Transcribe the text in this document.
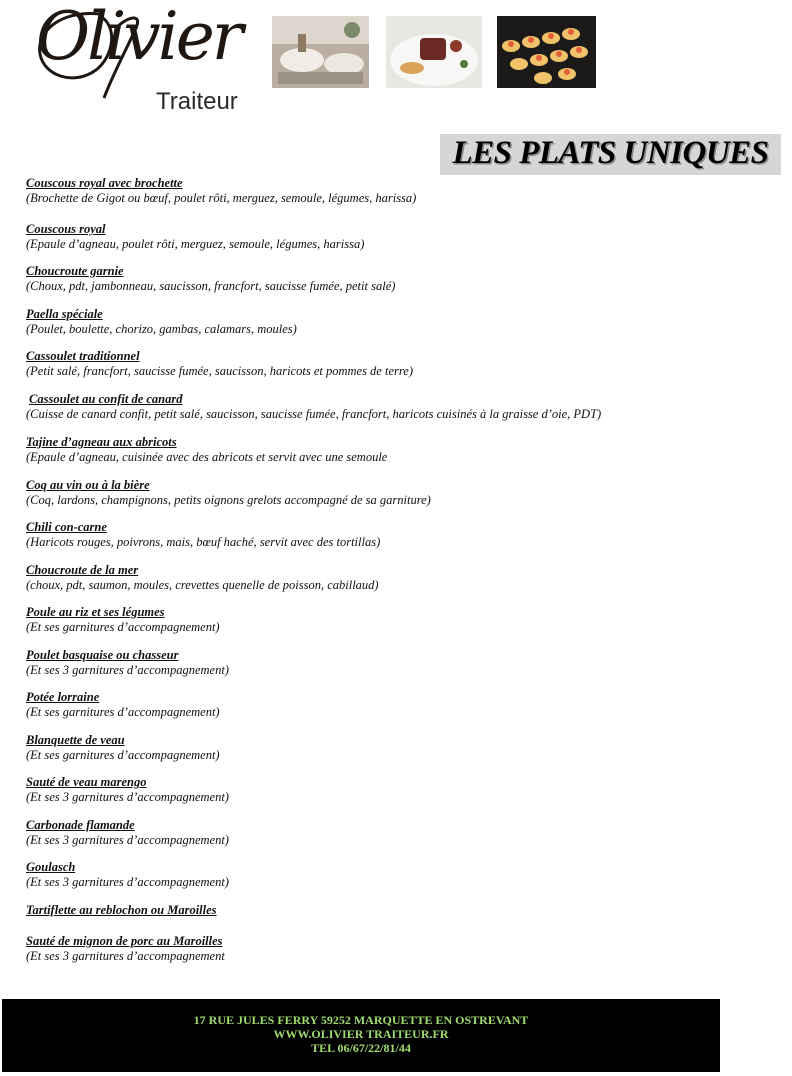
Olivier
Traiteur
LES PLATS UNIQUES
Couscous royal avec brochette
(Brochette de Gigot ou bœuf, poulet rôti, merguez, semoule, légumes, harissa)
Couscous royal
(Epaule d’agneau, poulet rôti, merguez, semoule, légumes, harissa)
Choucroute garnie
(Choux, pdt, jambonneau, saucisson, francfort, saucisse fumée, petit salé)
Paella spéciale
(Poulet, boulette, chorizo, gambas, calamars, moules)
Cassoulet traditionnel
(Petit salé, francfort, saucisse fumée, saucisson, haricots et pommes de terre)
Cassoulet au confit de canard
(Cuisse de canard confit, petit salé, saucisson, saucisse fumée, francfort, haricots cuisinés à la graisse d’oie, PDT)
Tajine d’agneau aux abricots
(Epaule d’agneau, cuisinée avec des abricots et servit avec une semoule
Coq au vin ou à la bière
(Coq, lardons, champignons, petits oignons grelots accompagné de sa garniture)
Chili con-carne
(Haricots rouges, poivrons, mais, bœuf haché, servit avec des tortillas)
Choucroute de la mer
(choux, pdt, saumon, moules, crevettes quenelle de poisson, cabillaud)
Poule au riz et ses légumes
(Et ses garnitures d’accompagnement)
Poulet basquaise ou chasseur
(Et ses 3 garnitures d’accompagnement)
Potée lorraine
(Et ses garnitures d’accompagnement)
Blanquette de veau
(Et ses garnitures d’accompagnement)
Sauté de veau marengo
(Et ses 3 garnitures d’accompagnement)
Carbonade flamande
(Et ses 3 garnitures d’accompagnement)
Goulasch
(Et ses 3 garnitures d’accompagnement)
Tartiflette au reblochon ou Maroilles
Sauté de mignon de porc au Maroilles
(Et ses 3 garnitures d’accompagnement
17 RUE JULES FERRY 59252 MARQUETTE EN OSTREVANT
WWW.OLIVIER TRAITEUR.FR
TEL 06/67/22/81/44
